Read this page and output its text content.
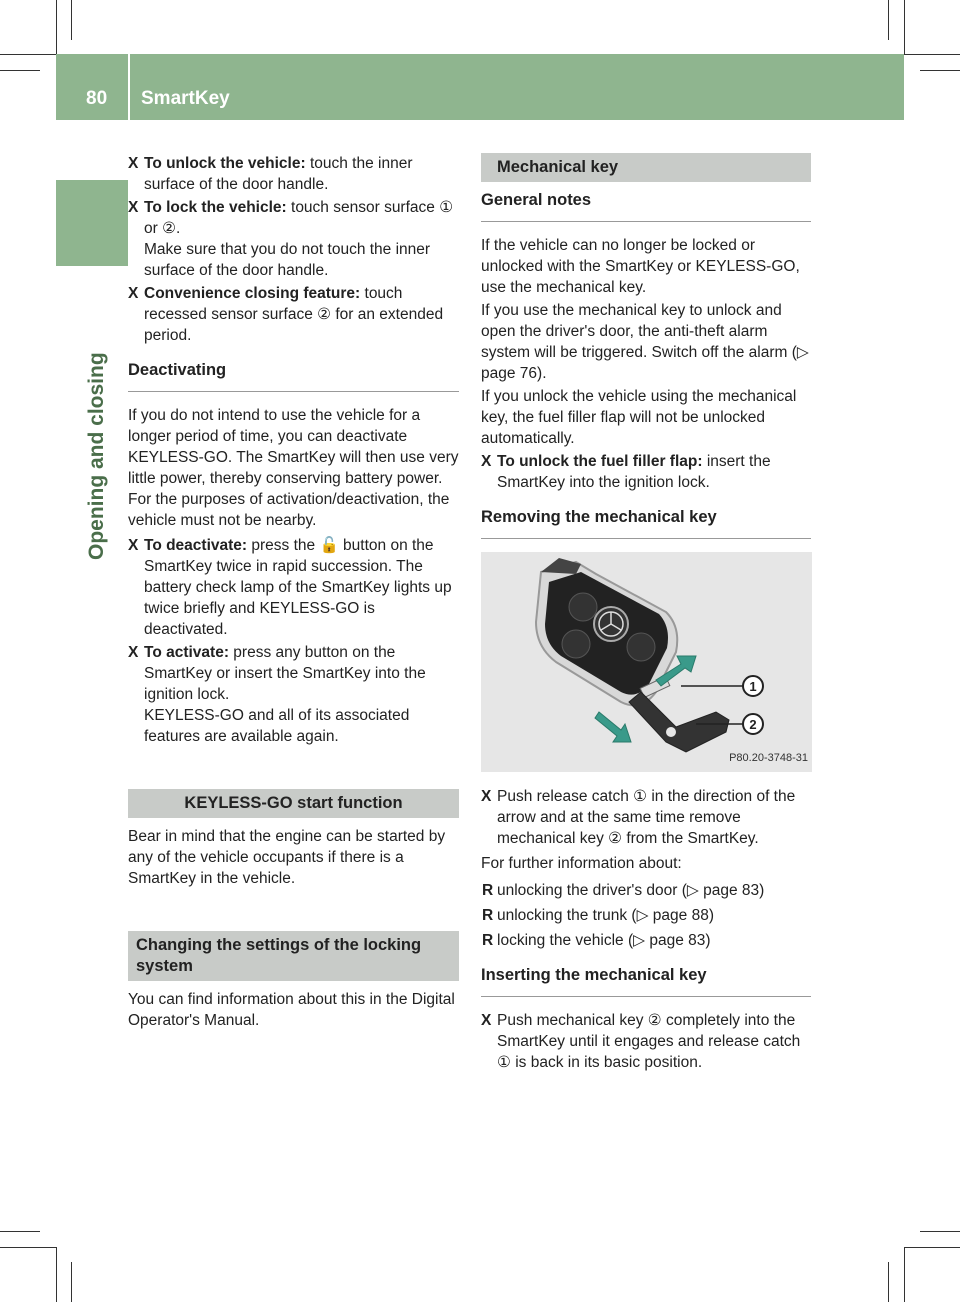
80 SmartKey
Opening and closing
X To unlock the vehicle: touch the inner surface of the door handle.
X To lock the vehicle: touch sensor surface ① or ②.

Make sure that you do not touch the inner surface of the door handle.

X Convenience closing feature: touch recessed sensor surface ② for an extended period.
Deactivating

If you do not intend to use the vehicle for a longer period of time, you can deactivate KEYLESS-GO. The SmartKey will then use very little power, thereby conserving battery power. For the purposes of activation/deactivation, the vehicle must not be nearby.

X To deactivate: press the 🔓 button on the SmartKey twice in rapid succession. The battery check lamp of the SmartKey lights up twice briefly and KEYLESS-GO is deactivated.
X To activate: press any button on the SmartKey or insert the SmartKey into the ignition lock.

KEYLESS-GO and all of its associated features are available again.

KEYLESS-GO start function

Bear in mind that the engine can be started by any of the vehicle occupants if there is a SmartKey in the vehicle.

Changing the settings of the locking system

You can find information about this in the Digital Operator's Manual.

Mechanical key
General notes

If the vehicle can no longer be locked or unlocked with the SmartKey or KEYLESS-GO, use the mechanical key.

If you use the mechanical key to unlock and open the driver's door, the anti-theft alarm system will be triggered. Switch off the alarm (▷ page 76).

If you unlock the vehicle using the mechanical key, the fuel filler flap will not be unlocked automatically.

X To unlock the fuel filler flap: insert the SmartKey into the ignition lock.
Removing the mechanical key
1
2
P80.20-3748-31
X Push release catch ① in the direction of the arrow and at the same time remove mechanical key ② from the SmartKey.

For further information about:

R unlocking the driver's door (▷ page 83)
R unlocking the trunk (▷ page 88)
R locking the vehicle (▷ page 83)
Inserting the mechanical key
X Push mechanical key ② completely into the SmartKey until it engages and release catch ① is back in its basic position.
